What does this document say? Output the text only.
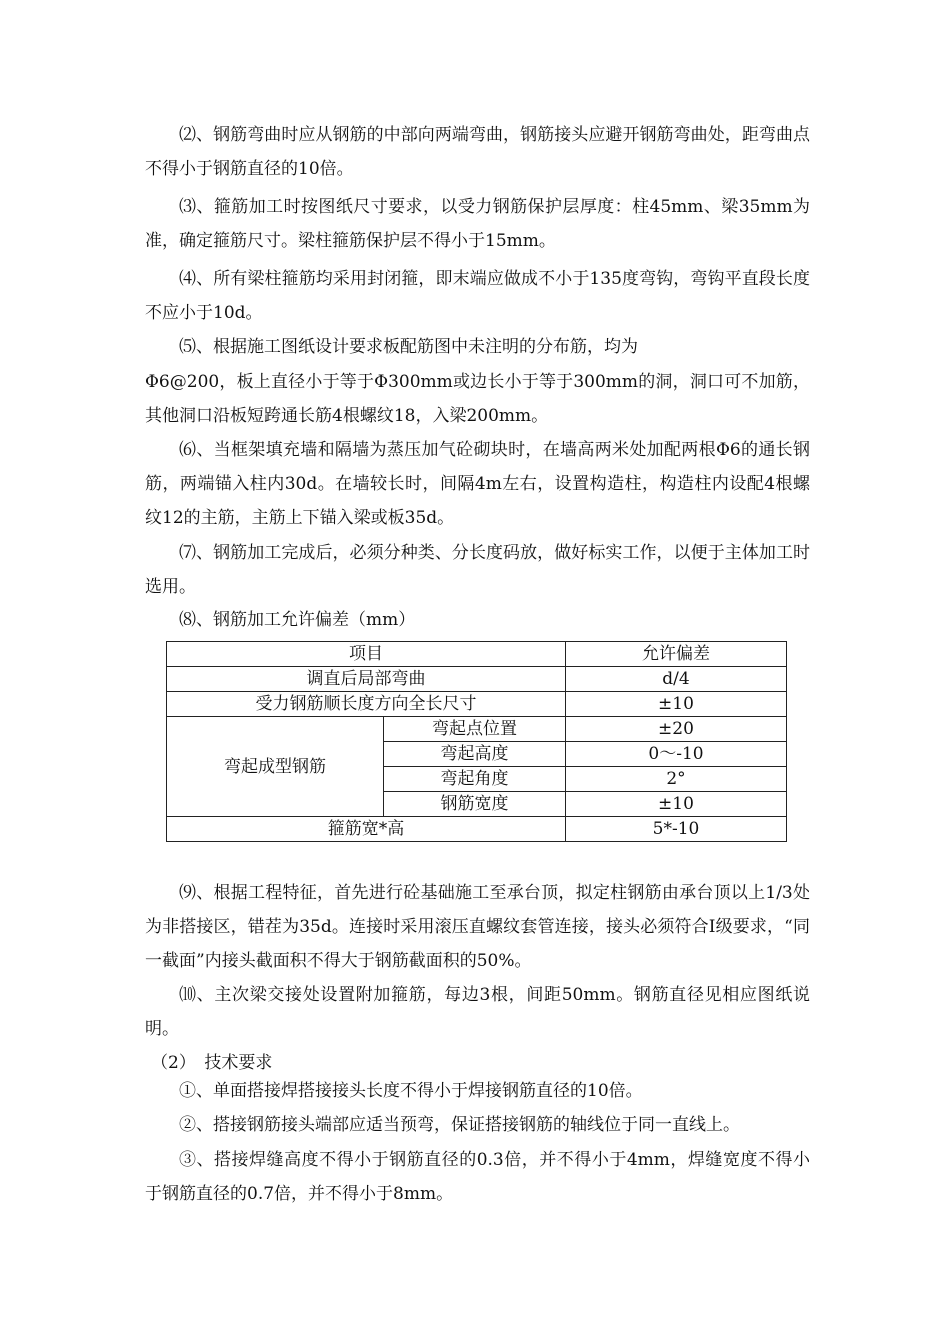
⑵、钢筋弯曲时应从钢筋的中部向两端弯曲，钢筋接头应避开钢筋弯曲处，距弯曲点不得小于钢筋直径的10倍。

⑶、箍筋加工时按图纸尺寸要求，以受力钢筋保护层厚度：柱45mm、梁35mm为准，确定箍筋尺寸。梁柱箍筋保护层不得小于15mm。

⑷、所有梁柱箍筋均采用封闭箍，即末端应做成不小于135度弯钩，弯钩平直段长度不应小于10d。

⑸、根据施工图纸设计要求板配筋图中未注明的分布筋，均为

Φ6@200，板上直径小于等于Φ300mm或边长小于等于300mm的洞，洞口可不加筋，其他洞口沿板短跨通长筋4根螺纹18，入梁200mm。

⑹、当框架填充墙和隔墙为蒸压加气砼砌块时，在墙高两米处加配两根Φ6的通长钢筋，两端锚入柱内30d。在墙较长时，间隔4m左右，设置构造柱，构造柱内设配4根螺纹12的主筋，主筋上下锚入梁或板35d。

⑺、钢筋加工完成后，必须分种类、分长度码放，做好标实工作，以便于主体加工时选用。

⑻、钢筋加工允许偏差（mm）

项目		允许偏差
调直后局部弯曲		d/4
受力钢筋顺长度方向全长尺寸		±10
弯起成型钢筋	弯起点位置	±20
	弯起高度	0～-10
	弯起角度	2°
	钢筋宽度	±10
箍筋宽*高		5*-10

⑼、根据工程特征，首先进行砼基础施工至承台顶，拟定柱钢筋由承台顶以上1/3处为非搭接区，错茬为35d。连接时采用滚压直螺纹套管连接，接头必须符合Ⅰ级要求，“同一截面”内接头截面积不得大于钢筋截面积的50%。

⑽、主次梁交接处设置附加箍筋，每边3根，间距50mm。钢筋直径见相应图纸说明。

（2）　技术要求

①、单面搭接焊搭接接头长度不得小于焊接钢筋直径的10倍。

②、搭接钢筋接头端部应适当预弯，保证搭接钢筋的轴线位于同一直线上。

③、搭接焊缝高度不得小于钢筋直径的0.3倍，并不得小于4mm，焊缝宽度不得小于钢筋直径的0.7倍，并不得小于8mm。
